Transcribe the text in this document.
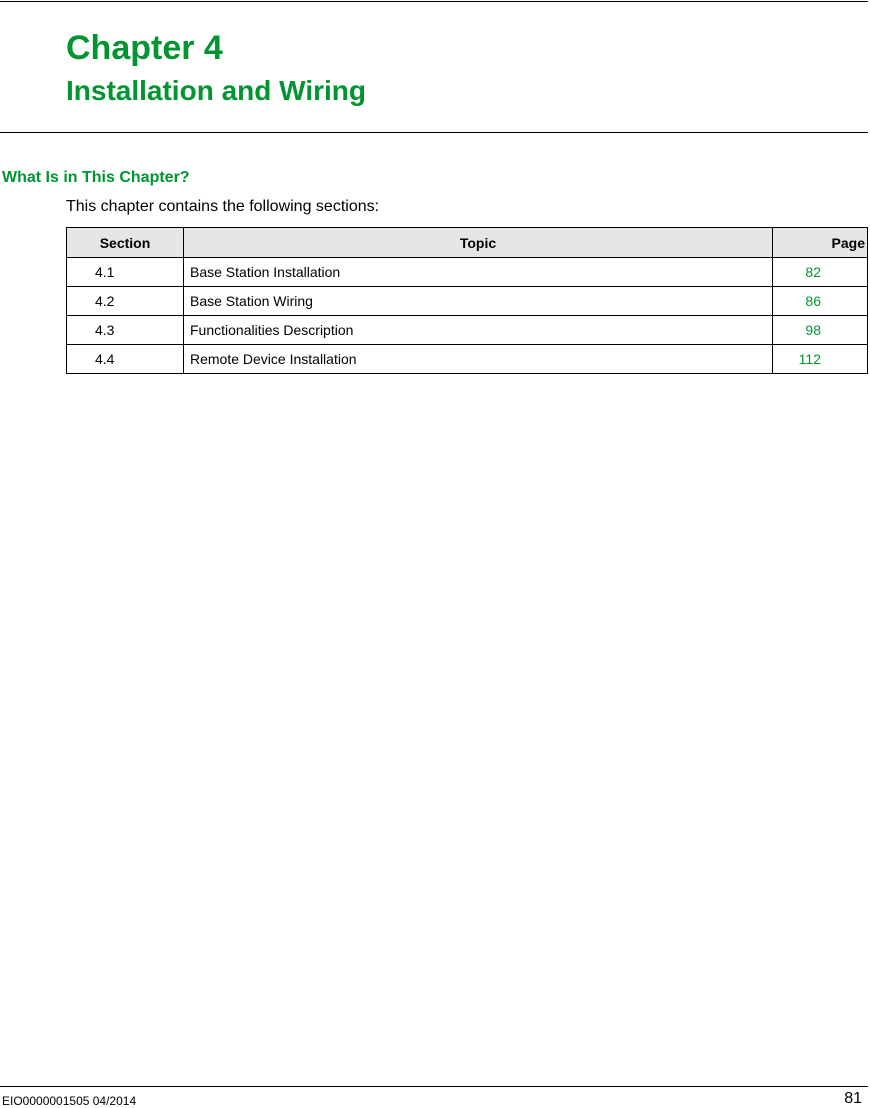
Chapter 4
Installation and Wiring
What Is in This Chapter?

This chapter contains the following sections:

Section	Topic	Page
4.1	Base Station Installation	82
4.2	Base Station Wiring	86
4.3	Functionalities Description	98
4.4	Remote Device Installation	112
EIO0000001505 04/2014	81
